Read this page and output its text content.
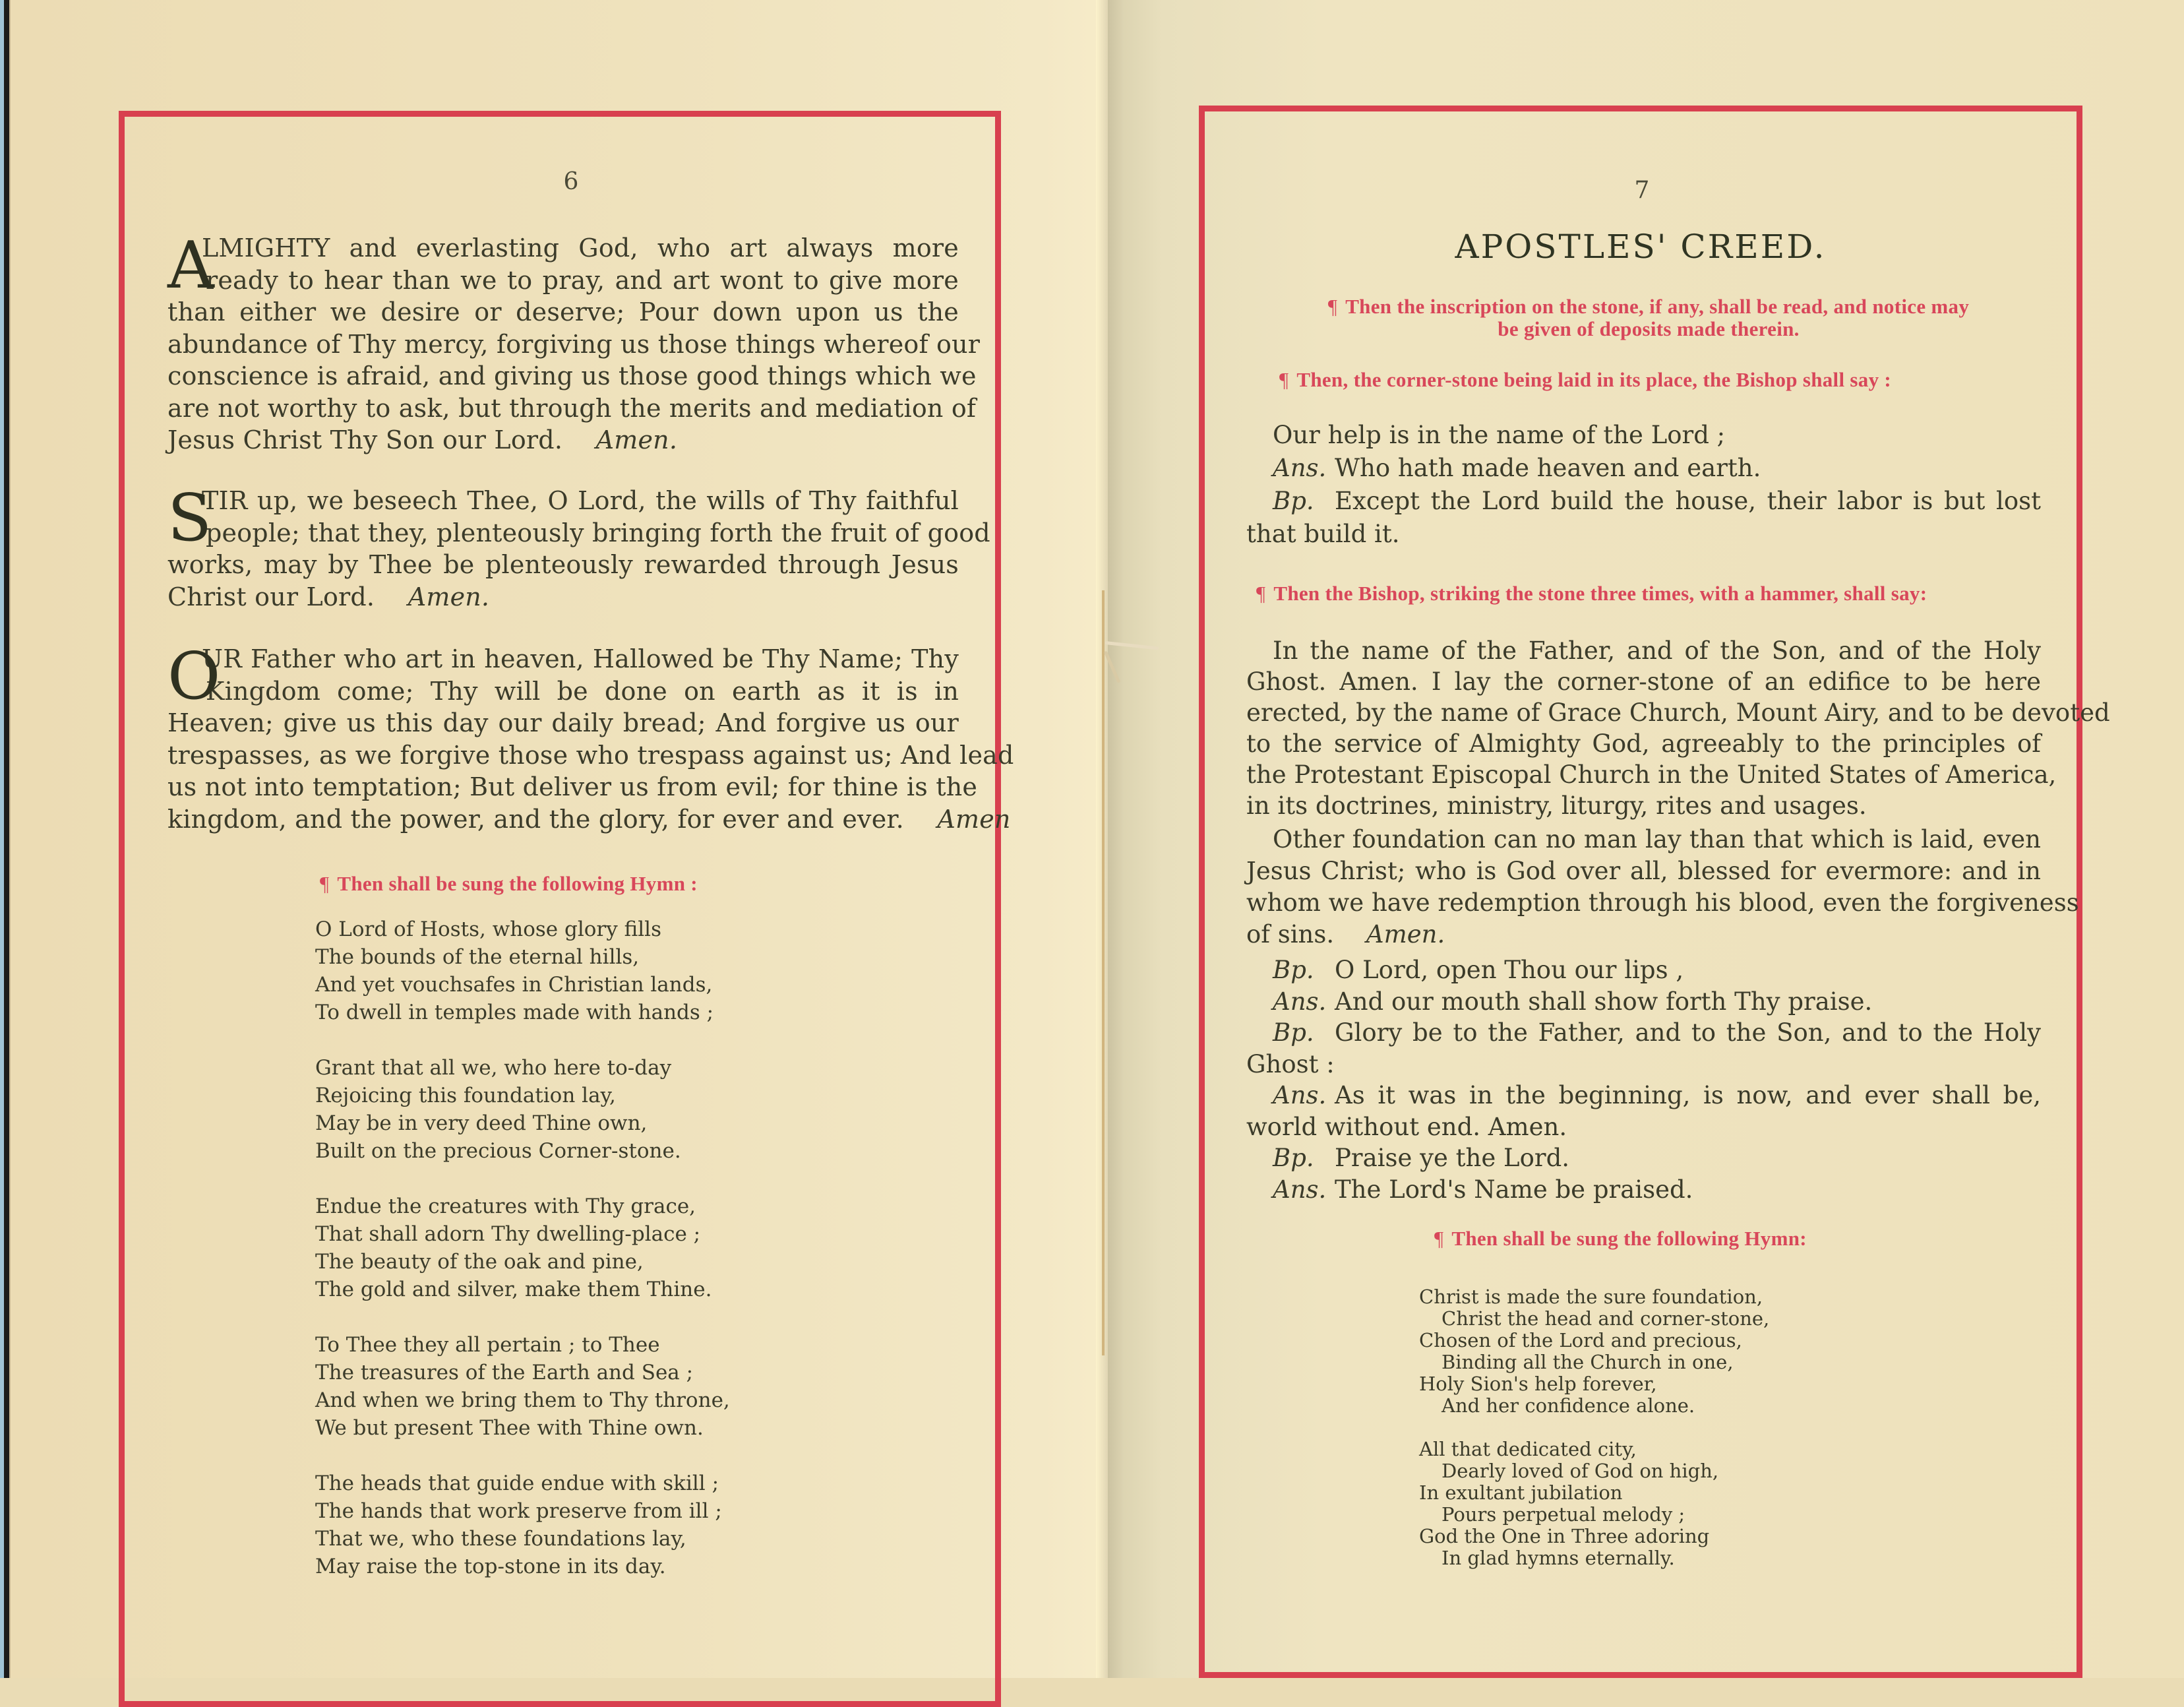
6
A
LMIGHTY and everlasting God, who art always more
ready to hear than we to pray, and art wont to give more
than either we desire or deserve; Pour down upon us the
abundance of Thy mercy, forgiving us those things whereof our
conscience is afraid, and giving us those good things which we
are not worthy to ask, but through the merits and mediation of
Jesus Christ Thy Son our Lord.  Amen.
S
TIR up, we beseech Thee, O Lord, the wills of Thy faithful
people; that they, plenteously bringing forth the fruit of good
works, may by Thee be plenteously rewarded through Jesus
Christ our Lord.  Amen.
O
UR Father who art in heaven, Hallowed be Thy Name; Thy
Kingdom come; Thy will be done on earth as it is in
Heaven; give us this day our daily bread; And forgive us our
trespasses, as we forgive those who trespass against us; And lead
us not into temptation; But deliver us from evil; for thine is the
kingdom, and the power, and the glory, for ever and ever.  Amen
¶ Then shall be sung the following Hymn :
O Lord of Hosts, whose glory fills
The bounds of the eternal hills,
And yet vouchsafes in Christian lands,
To dwell in temples made with hands ;
Grant that all we, who here to-day
Rejoicing this foundation lay,
May be in very deed Thine own,
Built on the precious Corner-stone.
Endue the creatures with Thy grace,
That shall adorn Thy dwelling-place ;
The beauty of the oak and pine,
The gold and silver, make them Thine.
To Thee they all pertain ; to Thee
The treasures of the Earth and Sea ;
And when we bring them to Thy throne,
We but present Thee with Thine own.
The heads that guide endue with skill ;
The hands that work preserve from ill ;
That we, who these foundations lay,
May raise the top-stone in its day.
7
APOSTLES' CREED.
¶ Then the inscription on the stone, if any, shall be read, and notice may
be given of deposits made therein.
¶ Then, the corner-stone being laid in its place, the Bishop shall say :
Our help is in the name of the Lord ;
Ans. Who hath made heaven and earth.
Bp. Except the Lord build the house, their labor is but lost
that build it.
¶ Then the Bishop, striking the stone three times, with a hammer, shall say:
In the name of the Father, and of the Son, and of the Holy
Ghost. Amen. I lay the corner-stone of an edifice to be here
erected, by the name of Grace Church, Mount Airy, and to be devoted
to the service of Almighty God, agreeably to the principles of
the Protestant Episcopal Church in the United States of America,
in its doctrines, ministry, liturgy, rites and usages.
Other foundation can no man lay than that which is laid, even
Jesus Christ; who is God over all, blessed for evermore: and in
whom we have redemption through his blood, even the forgiveness
of sins.  Amen.
Bp. O Lord, open Thou our lips ,
Ans. And our mouth shall show forth Thy praise.
Bp. Glory be to the Father, and to the Son, and to the Holy
Ghost :
Ans. As it was in the beginning, is now, and ever shall be,
world without end. Amen.
Bp. Praise ye the Lord.
Ans. The Lord's Name be praised.
¶ Then shall be sung the following Hymn:
Christ is made the sure foundation,
Christ the head and corner-stone,
Chosen of the Lord and precious,
Binding all the Church in one,
Holy Sion's help forever,
And her confidence alone.
All that dedicated city,
Dearly loved of God on high,
In exultant jubilation
Pours perpetual melody ;
God the One in Three adoring
In glad hymns eternally.
